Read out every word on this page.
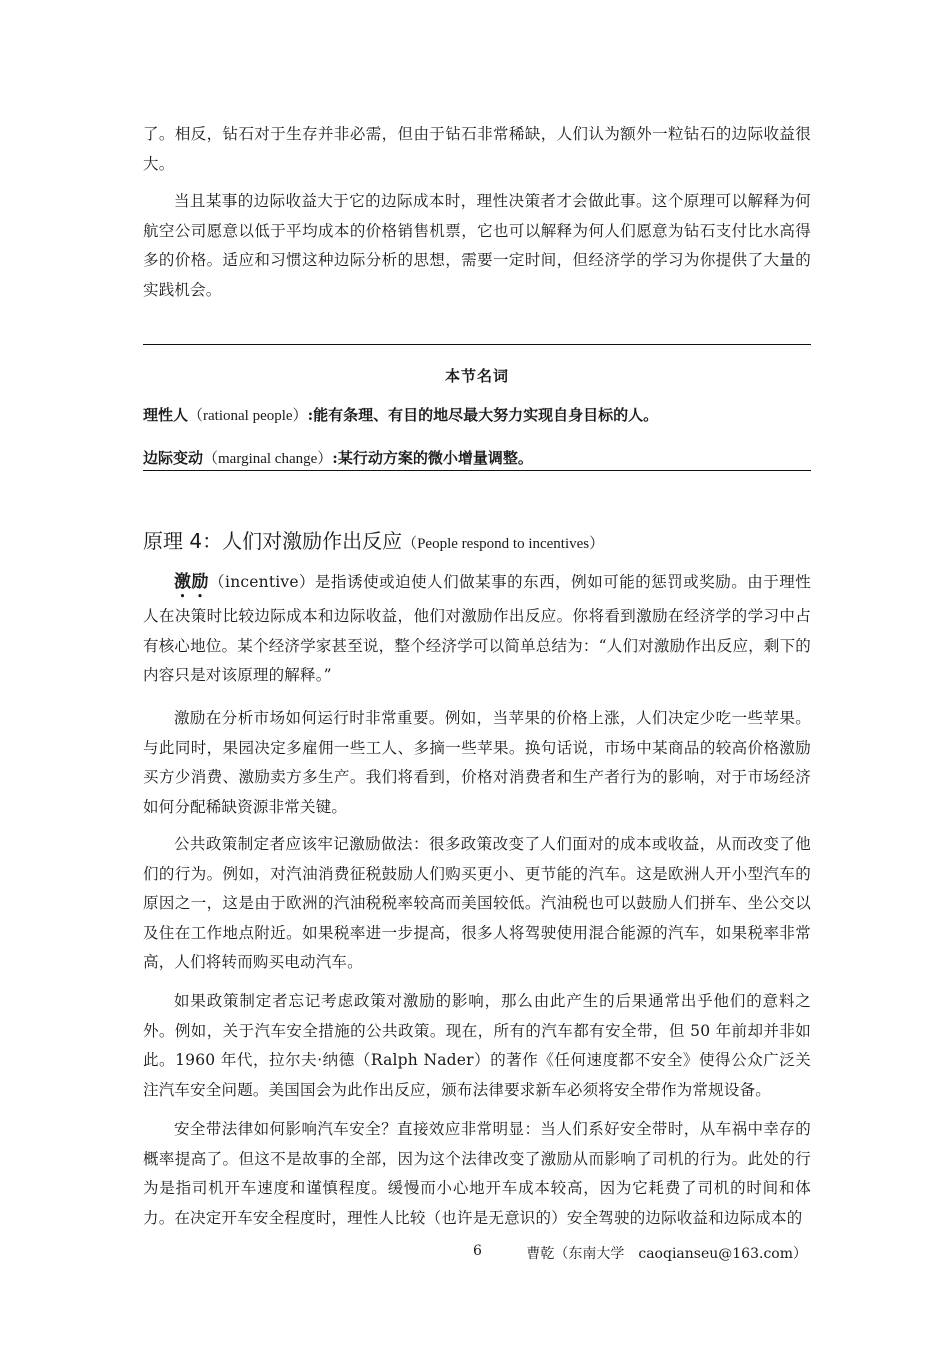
了。相反，钻石对于生存并非必需，但由于钻石非常稀缺，人们认为额外一粒钻石的边际收益很大。

当且某事的边际收益大于它的边际成本时，理性决策者才会做此事。这个原理可以解释为何航空公司愿意以低于平均成本的价格销售机票，它也可以解释为何人们愿意为钻石支付比水高得多的价格。适应和习惯这种边际分析的思想，需要一定时间，但经济学的学习为你提供了大量的实践机会。

本节名词
理性人（rational people）:能有条理、有目的地尽最大努力实现自身目标的人。
边际变动（marginal change）:某行动方案的微小增量调整。
原理 4：人们对激励作出反应（People respond to incentives）

激励（incentive）是指诱使或迫使人们做某事的东西，例如可能的惩罚或奖励。由于理性人在决策时比较边际成本和边际收益，他们对激励作出反应。你将看到激励在经济学的学习中占有核心地位。某个经济学家甚至说，整个经济学可以简单总结为：“人们对激励作出反应，剩下的内容只是对该原理的解释。”

激励在分析市场如何运行时非常重要。例如，当苹果的价格上涨，人们决定少吃一些苹果。与此同时，果园决定多雇佣一些工人、多摘一些苹果。换句话说，市场中某商品的较高价格激励买方少消费、激励卖方多生产。我们将看到，价格对消费者和生产者行为的影响，对于市场经济如何分配稀缺资源非常关键。

公共政策制定者应该牢记激励做法：很多政策改变了人们面对的成本或收益，从而改变了他们的行为。例如，对汽油消费征税鼓励人们购买更小、更节能的汽车。这是欧洲人开小型汽车的原因之一，这是由于欧洲的汽油税税率较高而美国较低。汽油税也可以鼓励人们拼车、坐公交以及住在工作地点附近。如果税率进一步提高，很多人将驾驶使用混合能源的汽车，如果税率非常高，人们将转而购买电动汽车。

如果政策制定者忘记考虑政策对激励的影响，那么由此产生的后果通常出乎他们的意料之外。例如，关于汽车安全措施的公共政策。现在，所有的汽车都有安全带，但 50 年前却并非如此。1960 年代，拉尔夫·纳德（Ralph Nader）的著作《任何速度都不安全》使得公众广泛关注汽车安全问题。美国国会为此作出反应，颁布法律要求新车必须将安全带作为常规设备。

安全带法律如何影响汽车安全？直接效应非常明显：当人们系好安全带时，从车祸中幸存的概率提高了。但这不是故事的全部，因为这个法律改变了激励从而影响了司机的行为。此处的行为是指司机开车速度和谨慎程度。缓慢而小心地开车成本较高，因为它耗费了司机的时间和体力。在决定开车安全程度时，理性人比较（也许是无意识的）安全驾驶的边际收益和边际成本的

6	曹乾（东南大学　caoqianseu@163.com）
